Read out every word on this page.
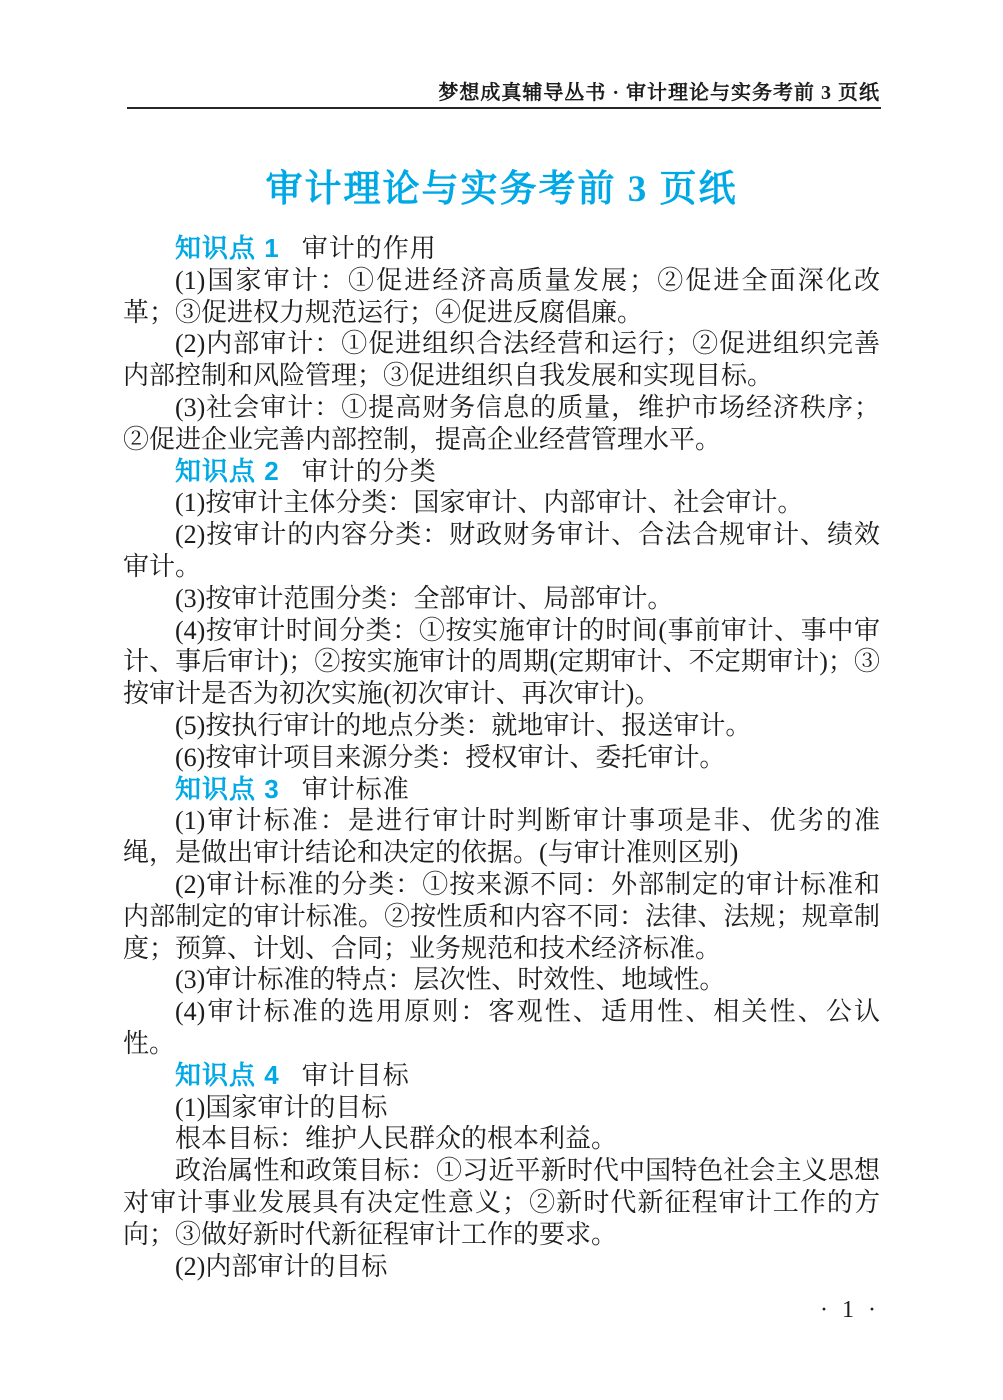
梦想成真辅导丛书 · 审计理论与实务考前 3 页纸
审计理论与实务考前 3 页纸

知识点 1 审计的作用

(1)国家审计：①促进经济高质量发展；②促进全面深化改革；③促进权力规范运行；④促进反腐倡廉。

(2)内部审计：①促进组织合法经营和运行；②促进组织完善内部控制和风险管理；③促进组织自我发展和实现目标。

(3)社会审计：①提高财务信息的质量，维护市场经济秩序；②促进企业完善内部控制，提高企业经营管理水平。

知识点 2 审计的分类

(1)按审计主体分类：国家审计、内部审计、社会审计。

(2)按审计的内容分类：财政财务审计、合法合规审计、绩效审计。

(3)按审计范围分类：全部审计、局部审计。

(4)按审计时间分类：①按实施审计的时间(事前审计、事中审计、事后审计)；②按实施审计的周期(定期审计、不定期审计)；③按审计是否为初次实施(初次审计、再次审计)。

(5)按执行审计的地点分类：就地审计、报送审计。

(6)按审计项目来源分类：授权审计、委托审计。

知识点 3 审计标准

(1)审计标准：是进行审计时判断审计事项是非、优劣的准绳，是做出审计结论和决定的依据。(与审计准则区别)

(2)审计标准的分类：①按来源不同：外部制定的审计标准和内部制定的审计标准。②按性质和内容不同：法律、法规；规章制度；预算、计划、合同；业务规范和技术经济标准。

(3)审计标准的特点：层次性、时效性、地域性。

(4)审计标准的选用原则：客观性、适用性、相关性、公认性。

知识点 4 审计目标

(1)国家审计的目标

根本目标：维护人民群众的根本利益。

政治属性和政策目标：①习近平新时代中国特色社会主义思想对审计事业发展具有决定性意义；②新时代新征程审计工作的方向；③做好新时代新征程审计工作的要求。

(2)内部审计的目标

· 1 ·
